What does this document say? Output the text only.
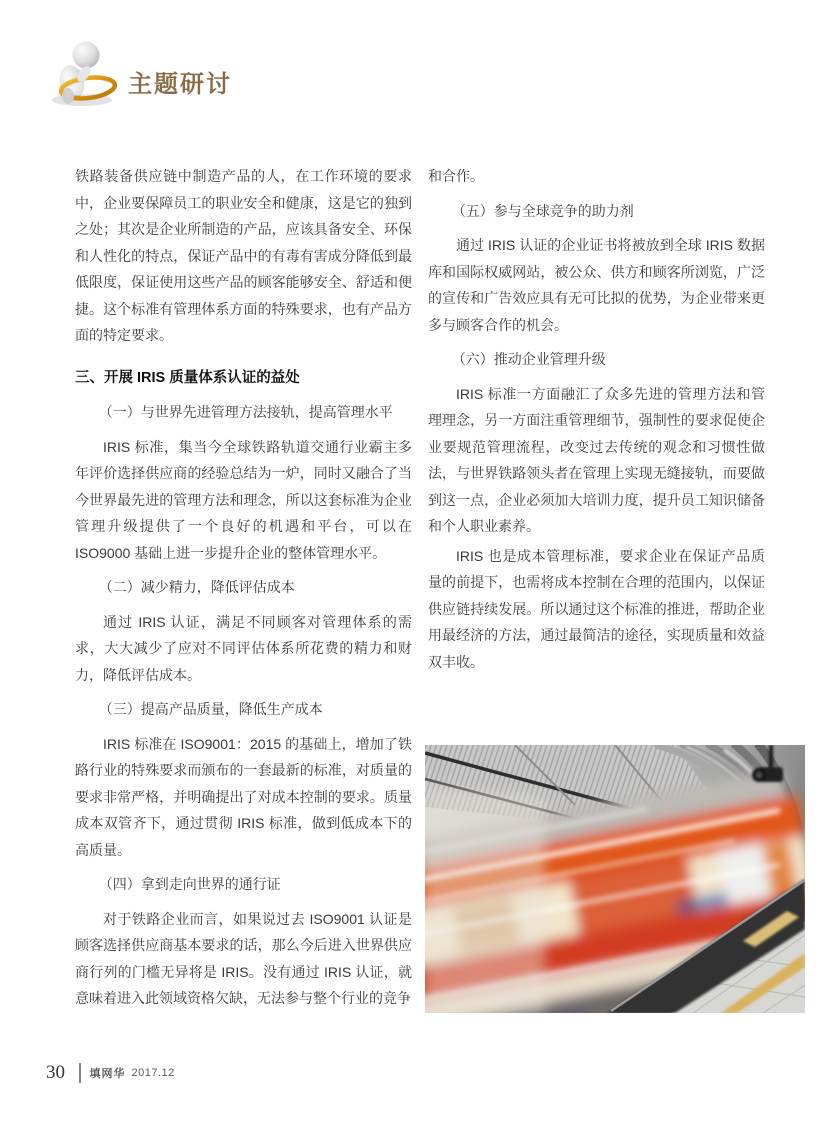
主题研讨

铁路装备供应链中制造产品的人，在工作环境的要求中，企业要保障员工的职业安全和健康，这是它的独到之处；其次是企业所制造的产品，应该具备安全、环保和人性化的特点，保证产品中的有毒有害成分降低到最低限度，保证使用这些产品的顾客能够安全、舒适和便捷。这个标准有管理体系方面的特殊要求，也有产品方面的特定要求。

三、开展 IRIS 质量体系认证的益处
（一）与世界先进管理方法接轨，提高管理水平

IRIS 标准，集当今全球铁路轨道交通行业霸主多年评价选择供应商的经验总结为一炉，同时又融合了当今世界最先进的管理方法和理念，所以这套标准为企业管理升级提供了一个良好的机遇和平台，可以在 ISO9000 基础上进一步提升企业的整体管理水平。

（二）减少精力，降低评估成本

通过 IRIS 认证，满足不同顾客对管理体系的需求，大大减少了应对不同评估体系所花费的精力和财力，降低评估成本。

（三）提高产品质量，降低生产成本

IRIS 标准在 ISO9001：2015 的基础上，增加了铁路行业的特殊要求而颁布的一套最新的标准，对质量的要求非常严格，并明确提出了对成本控制的要求。质量成本双管齐下，通过贯彻 IRIS 标准，做到低成本下的高质量。

（四）拿到走向世界的通行证

对于铁路企业而言，如果说过去 ISO9001 认证是顾客选择供应商基本要求的话，那么今后进入世界供应商行列的门槛无异将是 IRIS。没有通过 IRIS 认证，就意味着进入此领域资格欠缺，无法参与整个行业的竞争

和合作。

（五）参与全球竞争的助力剂

通过 IRIS 认证的企业证书将被放到全球 IRIS 数据库和国际权威网站，被公众、供方和顾客所浏览，广泛的宣传和广告效应具有无可比拟的优势，为企业带来更多与顾客合作的机会。

（六）推动企业管理升级

IRIS 标准一方面融汇了众多先进的管理方法和管理理念，另一方面注重管理细节，强制性的要求促使企业要规范管理流程，改变过去传统的观念和习惯性做法，与世界铁路领头者在管理上实现无缝接轨，而要做到这一点，企业必须加大培训力度，提升员工知识储备和个人职业素养。

IRIS 也是成本管理标准，要求企业在保证产品质量的前提下，也需将成本控制在合理的范围内，以保证供应链持续发展。所以通过这个标准的推进，帮助企业用最经济的方法，通过最简洁的途径，实现质量和效益双丰收。

30 填网华 2017.12
